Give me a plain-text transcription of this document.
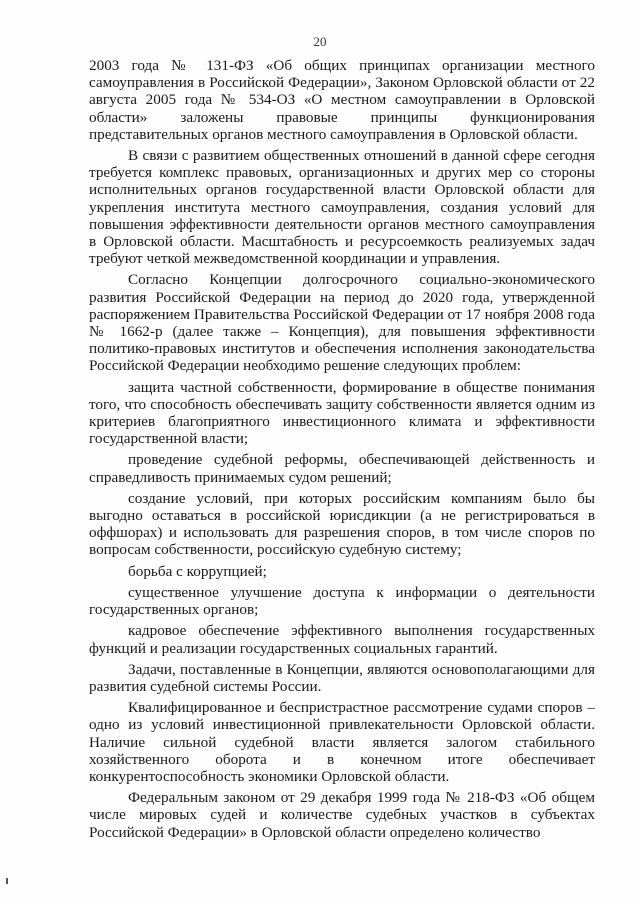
20

2003 года № 131-ФЗ «Об общих принципах организации местного самоуправления в Российской Федерации», Законом Орловской области от 22 августа 2005 года № 534-ОЗ «О местном самоуправлении в Орловской области» заложены правовые принципы функционирования представительных органов местного самоуправления в Орловской области.

В связи с развитием общественных отношений в данной сфере сегодня требуется комплекс правовых, организационных и других мер со стороны исполнительных органов государственной власти Орловской области для укрепления института местного самоуправления, создания условий для повышения эффективности деятельности органов местного самоуправления в Орловской области. Масштабность и ресурсоемкость реализуемых задач требуют четкой межведомственной координации и управления.

Согласно Концепции долгосрочного социально-экономического развития Российской Федерации на период до 2020 года, утвержденной распоряжением Правительства Российской Федерации от 17 ноября 2008 года № 1662-р (далее также – Концепция), для повышения эффективности политико-правовых институтов и обеспечения исполнения законодательства Российской Федерации необходимо решение следующих проблем:

защита частной собственности, формирование в обществе понимания того, что способность обеспечивать защиту собственности является одним из критериев благоприятного инвестиционного климата и эффективности государственной власти;

проведение судебной реформы, обеспечивающей действенность и справедливость принимаемых судом решений;

создание условий, при которых российским компаниям было бы выгодно оставаться в российской юрисдикции (а не регистрироваться в оффшорах) и использовать для разрешения споров, в том числе споров по вопросам собственности, российскую судебную систему;

борьба с коррупцией;

существенное улучшение доступа к информации о деятельности государственных органов;

кадровое обеспечение эффективного выполнения государственных функций и реализации государственных социальных гарантий.

Задачи, поставленные в Концепции, являются основополагающими для развития судебной системы России.

Квалифицированное и беспристрастное рассмотрение судами споров – одно из условий инвестиционной привлекательности Орловской области. Наличие сильной судебной власти является залогом стабильного хозяйственного оборота и в конечном итоге обеспечивает конкурентоспособность экономики Орловской области.

Федеральным законом от 29 декабря 1999 года № 218-ФЗ «Об общем числе мировых судей и количестве судебных участков в субъектах Российской Федерации» в Орловской области определено количество
